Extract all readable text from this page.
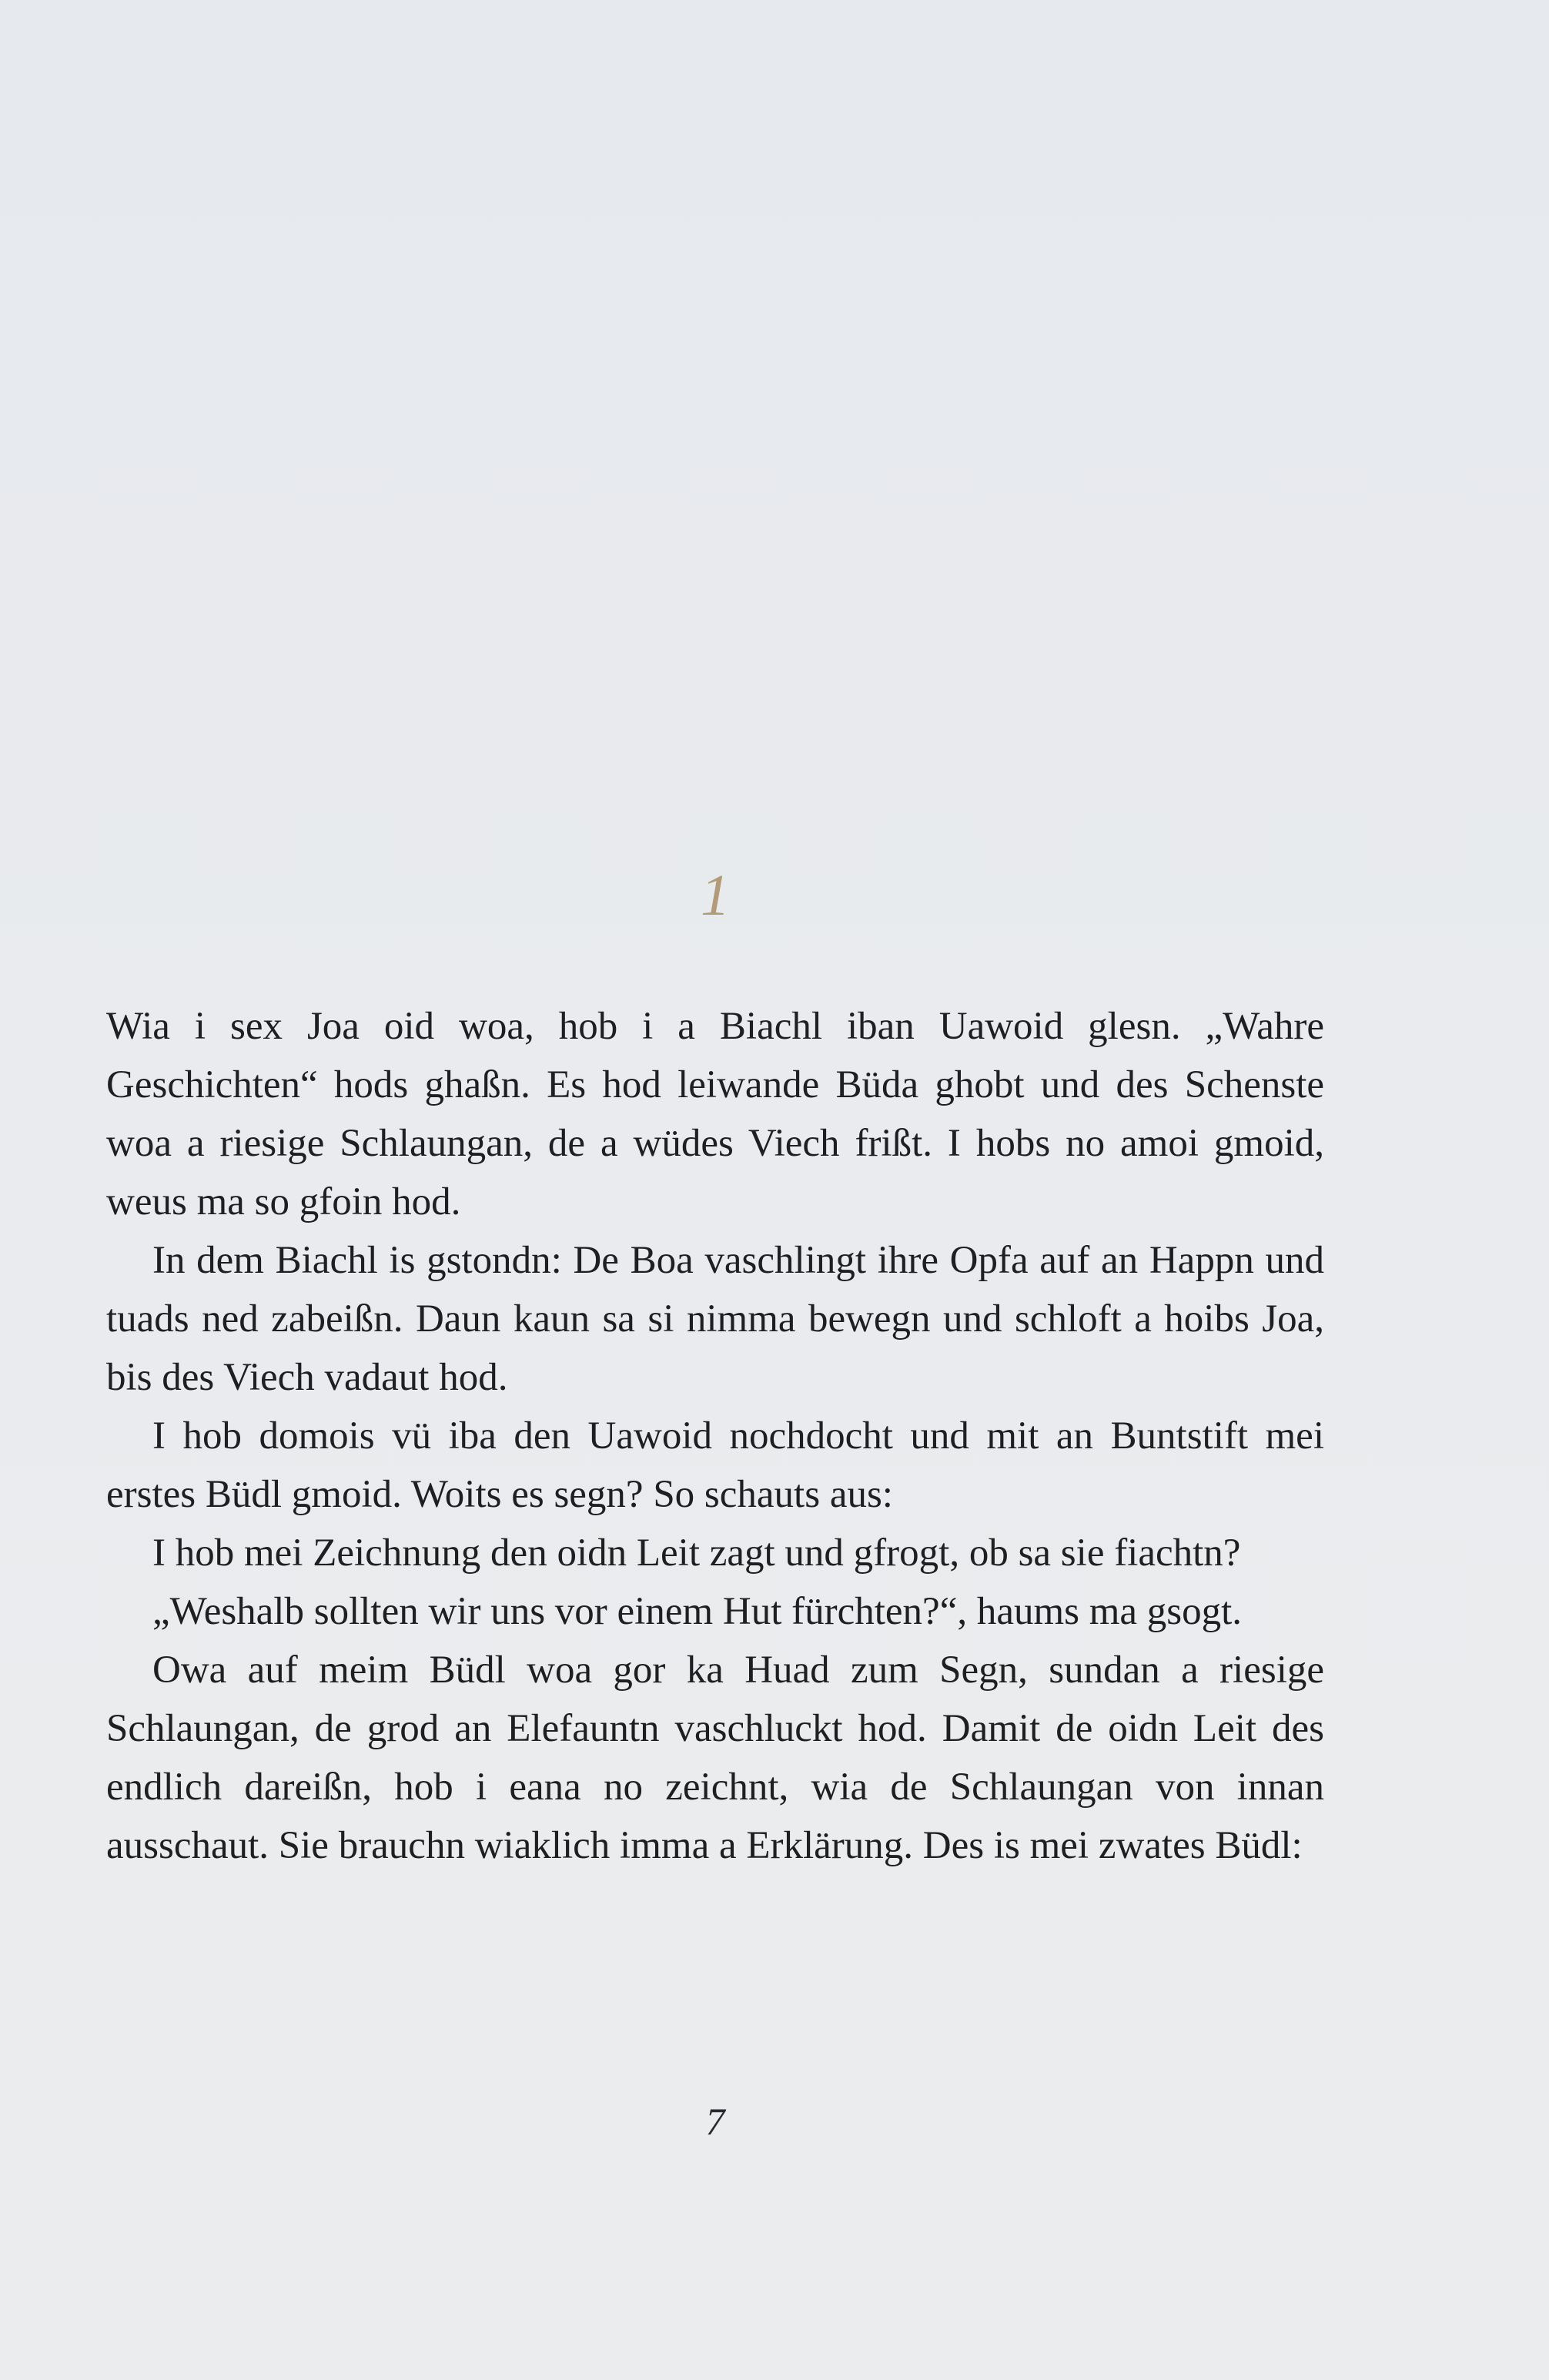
1

Wia i sex Joa oid woa, hob i a Biachl iban Uawoid glesn. „Wahre Geschichten“ hods ghaßn. Es hod leiwande Büda ghobt und des Schenste woa a riesige Schlaungan, de a wüdes Viech frißt. I hobs no amoi gmoid, weus ma so gfoin hod.

In dem Biachl is gstondn: De Boa vaschlingt ihre Opfa auf an Happn und tuads ned zabeißn. Daun kaun sa si nimma bewegn und schloft a hoibs Joa, bis des Viech vadaut hod.

I hob domois vü iba den Uawoid nochdocht und mit an Buntstift mei erstes Büdl gmoid. Woits es segn? So schauts aus:

I hob mei Zeichnung den oidn Leit zagt und gfrogt, ob sa sie fiachtn?

„Weshalb sollten wir uns vor einem Hut fürchten?“, haums ma gsogt.

Owa auf meim Büdl woa gor ka Huad zum Segn, sundan a riesige Schlaungan, de grod an Elefauntn vaschluckt hod. Damit de oidn Leit des endlich dareißn, hob i eana no zeichnt, wia de Schlaungan von innan ausschaut. Sie brauchn wiaklich imma a Erklärung. Des is mei zwates Büdl:

7
